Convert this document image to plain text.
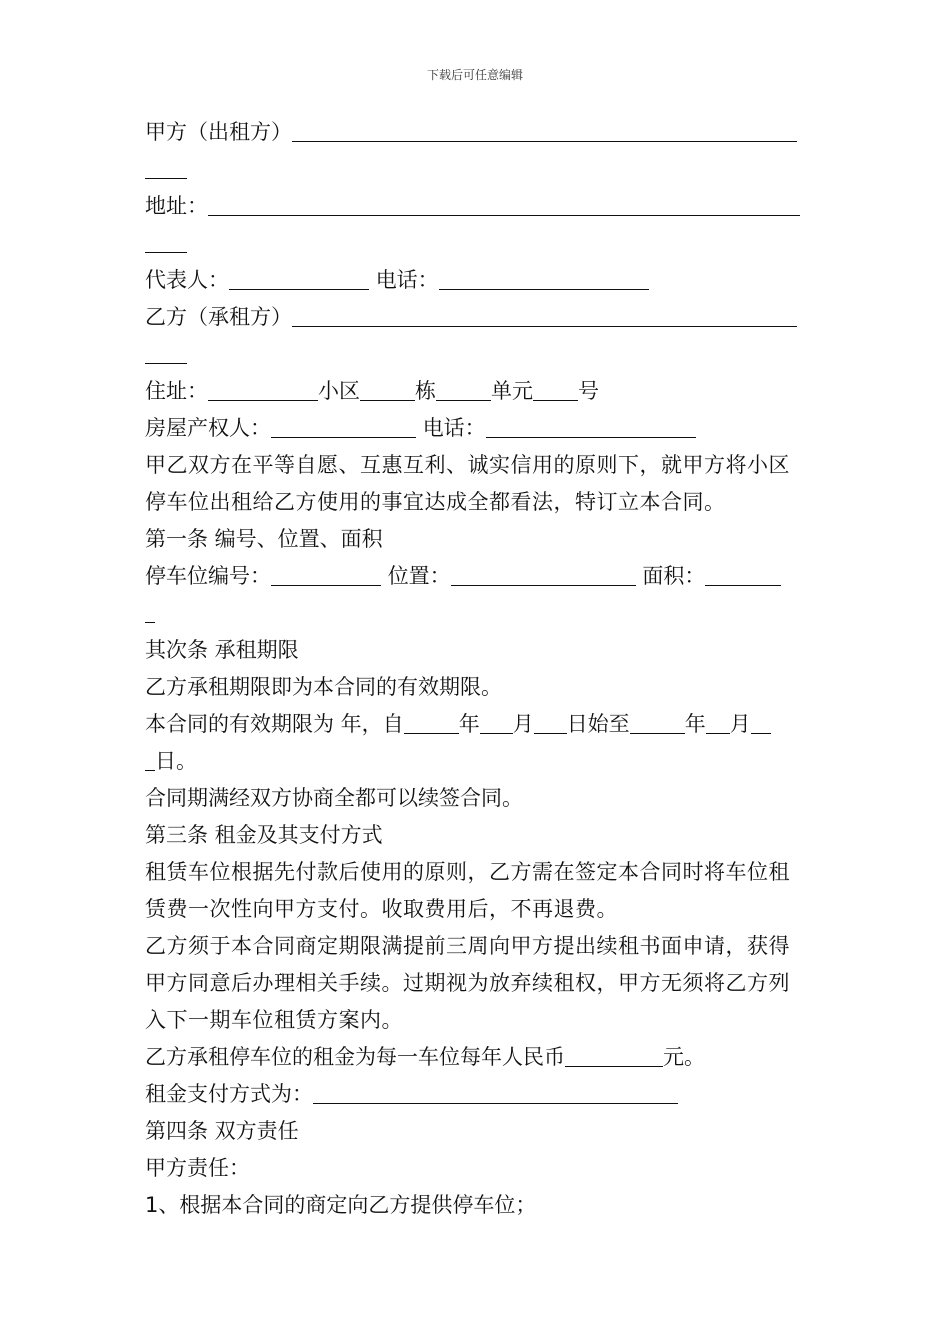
下载后可任意编辑
甲方（出租方）
地址：
代表人：	电话：
乙方（承租方）
住址：	小区	栋	单元 号
房屋产权人：	电话：
甲乙双方在平等自愿、互惠互利、诚实信用的原则下，就甲方将小区停车位出租给乙方使用的事宜达成全都看法，特订立本合同。
第一条 编号、位置、面积
停车位编号：	位置：	面积：
其次条 承租期限
乙方承租期限即为本合同的有效期限。
本合同的有效期限为 年，自	年 月 日始至	年 月
日。
合同期满经双方协商全都可以续签合同。
第三条 租金及其支付方式
租赁车位根据先付款后使用的原则，乙方需在签定本合同时将车位租赁费一次性向甲方支付。收取费用后，不再退费。
乙方须于本合同商定期限满提前三周向甲方提出续租书面申请，获得甲方同意后办理相关手续。过期视为放弃续租权，甲方无须将乙方列入下一期车位租赁方案内。
乙方承租停车位的租金为每一车位每年人民币	元。
租金支付方式为：
第四条 双方责任
甲方责任：
1、根据本合同的商定向乙方提供停车位；
